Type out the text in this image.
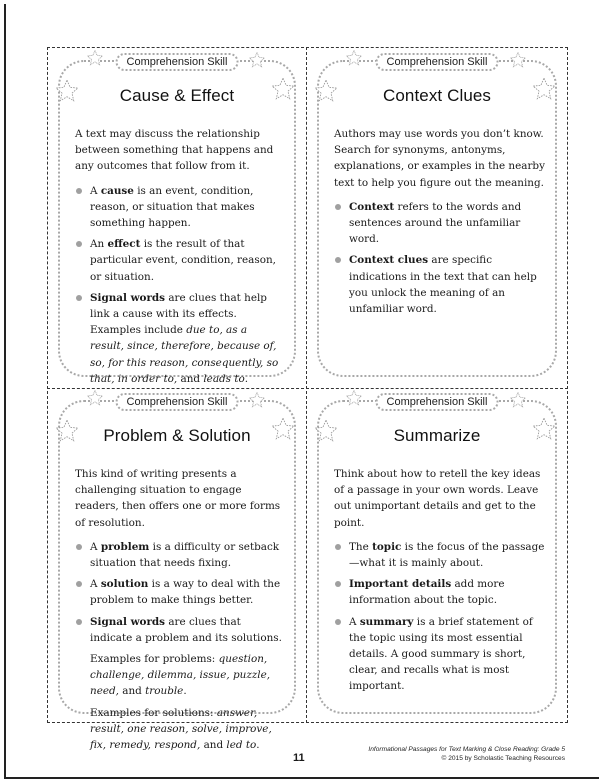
Comprehension Skill
Cause & Effect

A text may discuss the relationship between something that happens and any outcomes that follow from it.

A cause is an event, condition, reason, or situation that makes something happen.
An effect is the result of that particular event, condition, reason, or situation.
Signal words are clues that help link a cause with its effects. Examples include due to, as a result, since, therefore, because of, so, for this reason, consequently, so that, in order to, and leads to.
Comprehension Skill
Context Clues

Authors may use words you don’t know. Search for synonyms, antonyms, explanations, or examples in the nearby text to help you figure out the meaning.

Context refers to the words and sentences around the unfamiliar word.
Context clues are specific indications in the text that can help you unlock the meaning of an unfamiliar word.
Comprehension Skill
Problem & Solution

This kind of writing presents a challenging situation to engage readers, then offers one or more forms of resolution.

A problem is a difficulty or setback situation that needs fixing.
A solution is a way to deal with the problem to make things better.
Signal words are clues that indicate a problem and its solutions.
Examples for problems: question, challenge, dilemma, issue, puzzle, need, and trouble.
Examples for solutions: answer, result, one reason, solve, improve, fix, remedy, respond, and led to.
Comprehension Skill
Summarize

Think about how to retell the key ideas of a passage in your own words. Leave out unimportant details and get to the point.

The topic is the focus of the passage—what it is mainly about.
Important details add more information about the topic.
A summary is a brief statement of the topic using its most essential details. A good summary is short, clear, and recalls what is most important.
11
Informational Passages for Text Marking & Close Reading: Grade 5
© 2015 by Scholastic Teaching Resources
